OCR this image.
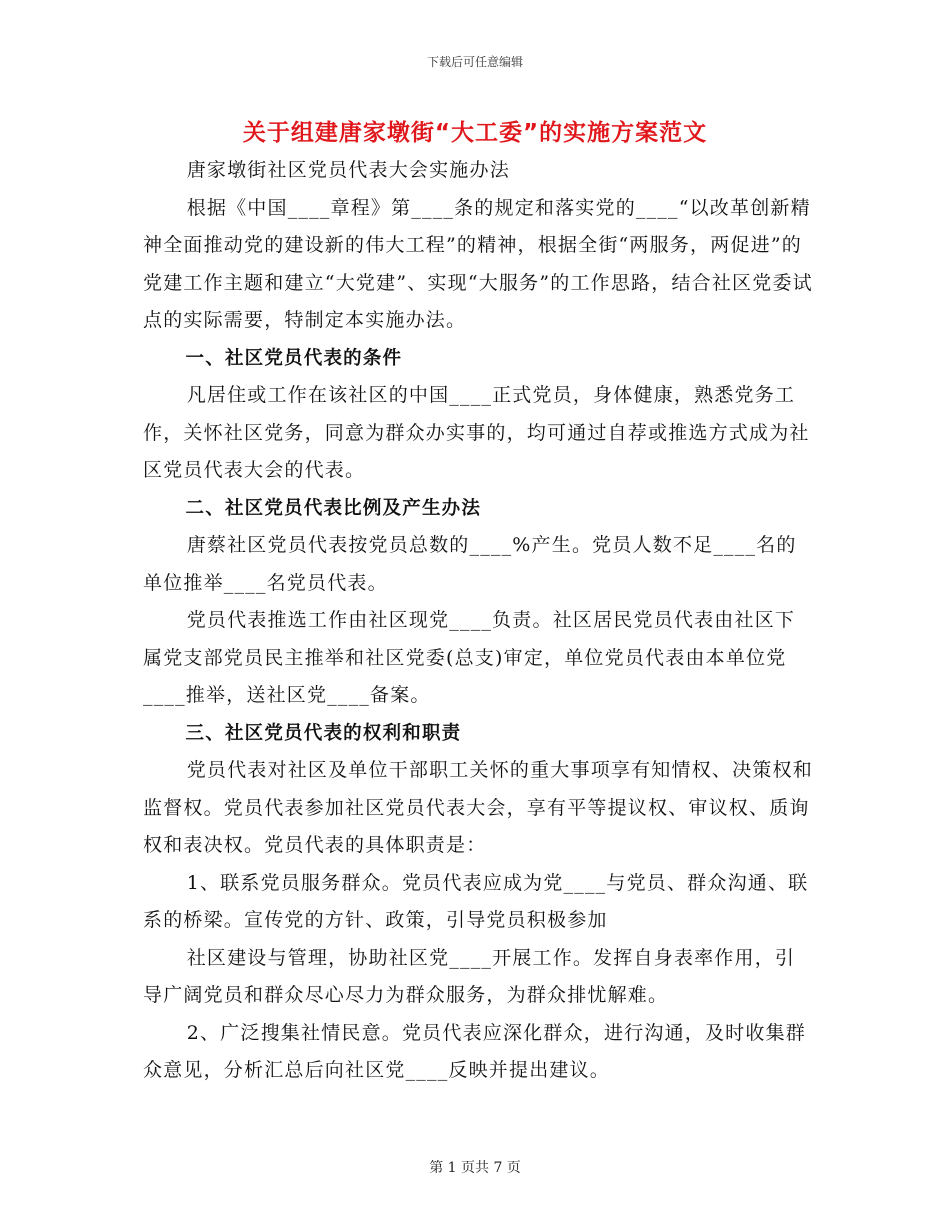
下载后可任意编辑
关于组建唐家墩街“大工委”的实施方案范文

唐家墩街社区党员代表大会实施办法

根据《中国____章程》第____条的规定和落实党的____“以改革创新精神全面推动党的建设新的伟大工程”的精神，根据全街“两服务，两促进”的党建工作主题和建立“大党建”、实现“大服务”的工作思路，结合社区党委试点的实际需要，特制定本实施办法。

一、社区党员代表的条件

凡居住或工作在该社区的中国____正式党员，身体健康，熟悉党务工作，关怀社区党务，同意为群众办实事的，均可通过自荐或推选方式成为社区党员代表大会的代表。

二、社区党员代表比例及产生办法

唐蔡社区党员代表按党员总数的____%产生。党员人数不足____名的单位推举____名党员代表。

党员代表推选工作由社区现党____负责。社区居民党员代表由社区下属党支部党员民主推举和社区党委(总支)审定，单位党员代表由本单位党____推举，送社区党____备案。

三、社区党员代表的权利和职责

党员代表对社区及单位干部职工关怀的重大事项享有知情权、决策权和监督权。党员代表参加社区党员代表大会，享有平等提议权、审议权、质询权和表决权。党员代表的具体职责是：

1、联系党员服务群众。党员代表应成为党____与党员、群众沟通、联系的桥梁。宣传党的方针、政策，引导党员积极参加

社区建设与管理，协助社区党____开展工作。发挥自身表率作用，引导广阔党员和群众尽心尽力为群众服务，为群众排忧解难。

2、广泛搜集社情民意。党员代表应深化群众，进行沟通，及时收集群众意见，分析汇总后向社区党____反映并提出建议。

第 1 页共 7 页
